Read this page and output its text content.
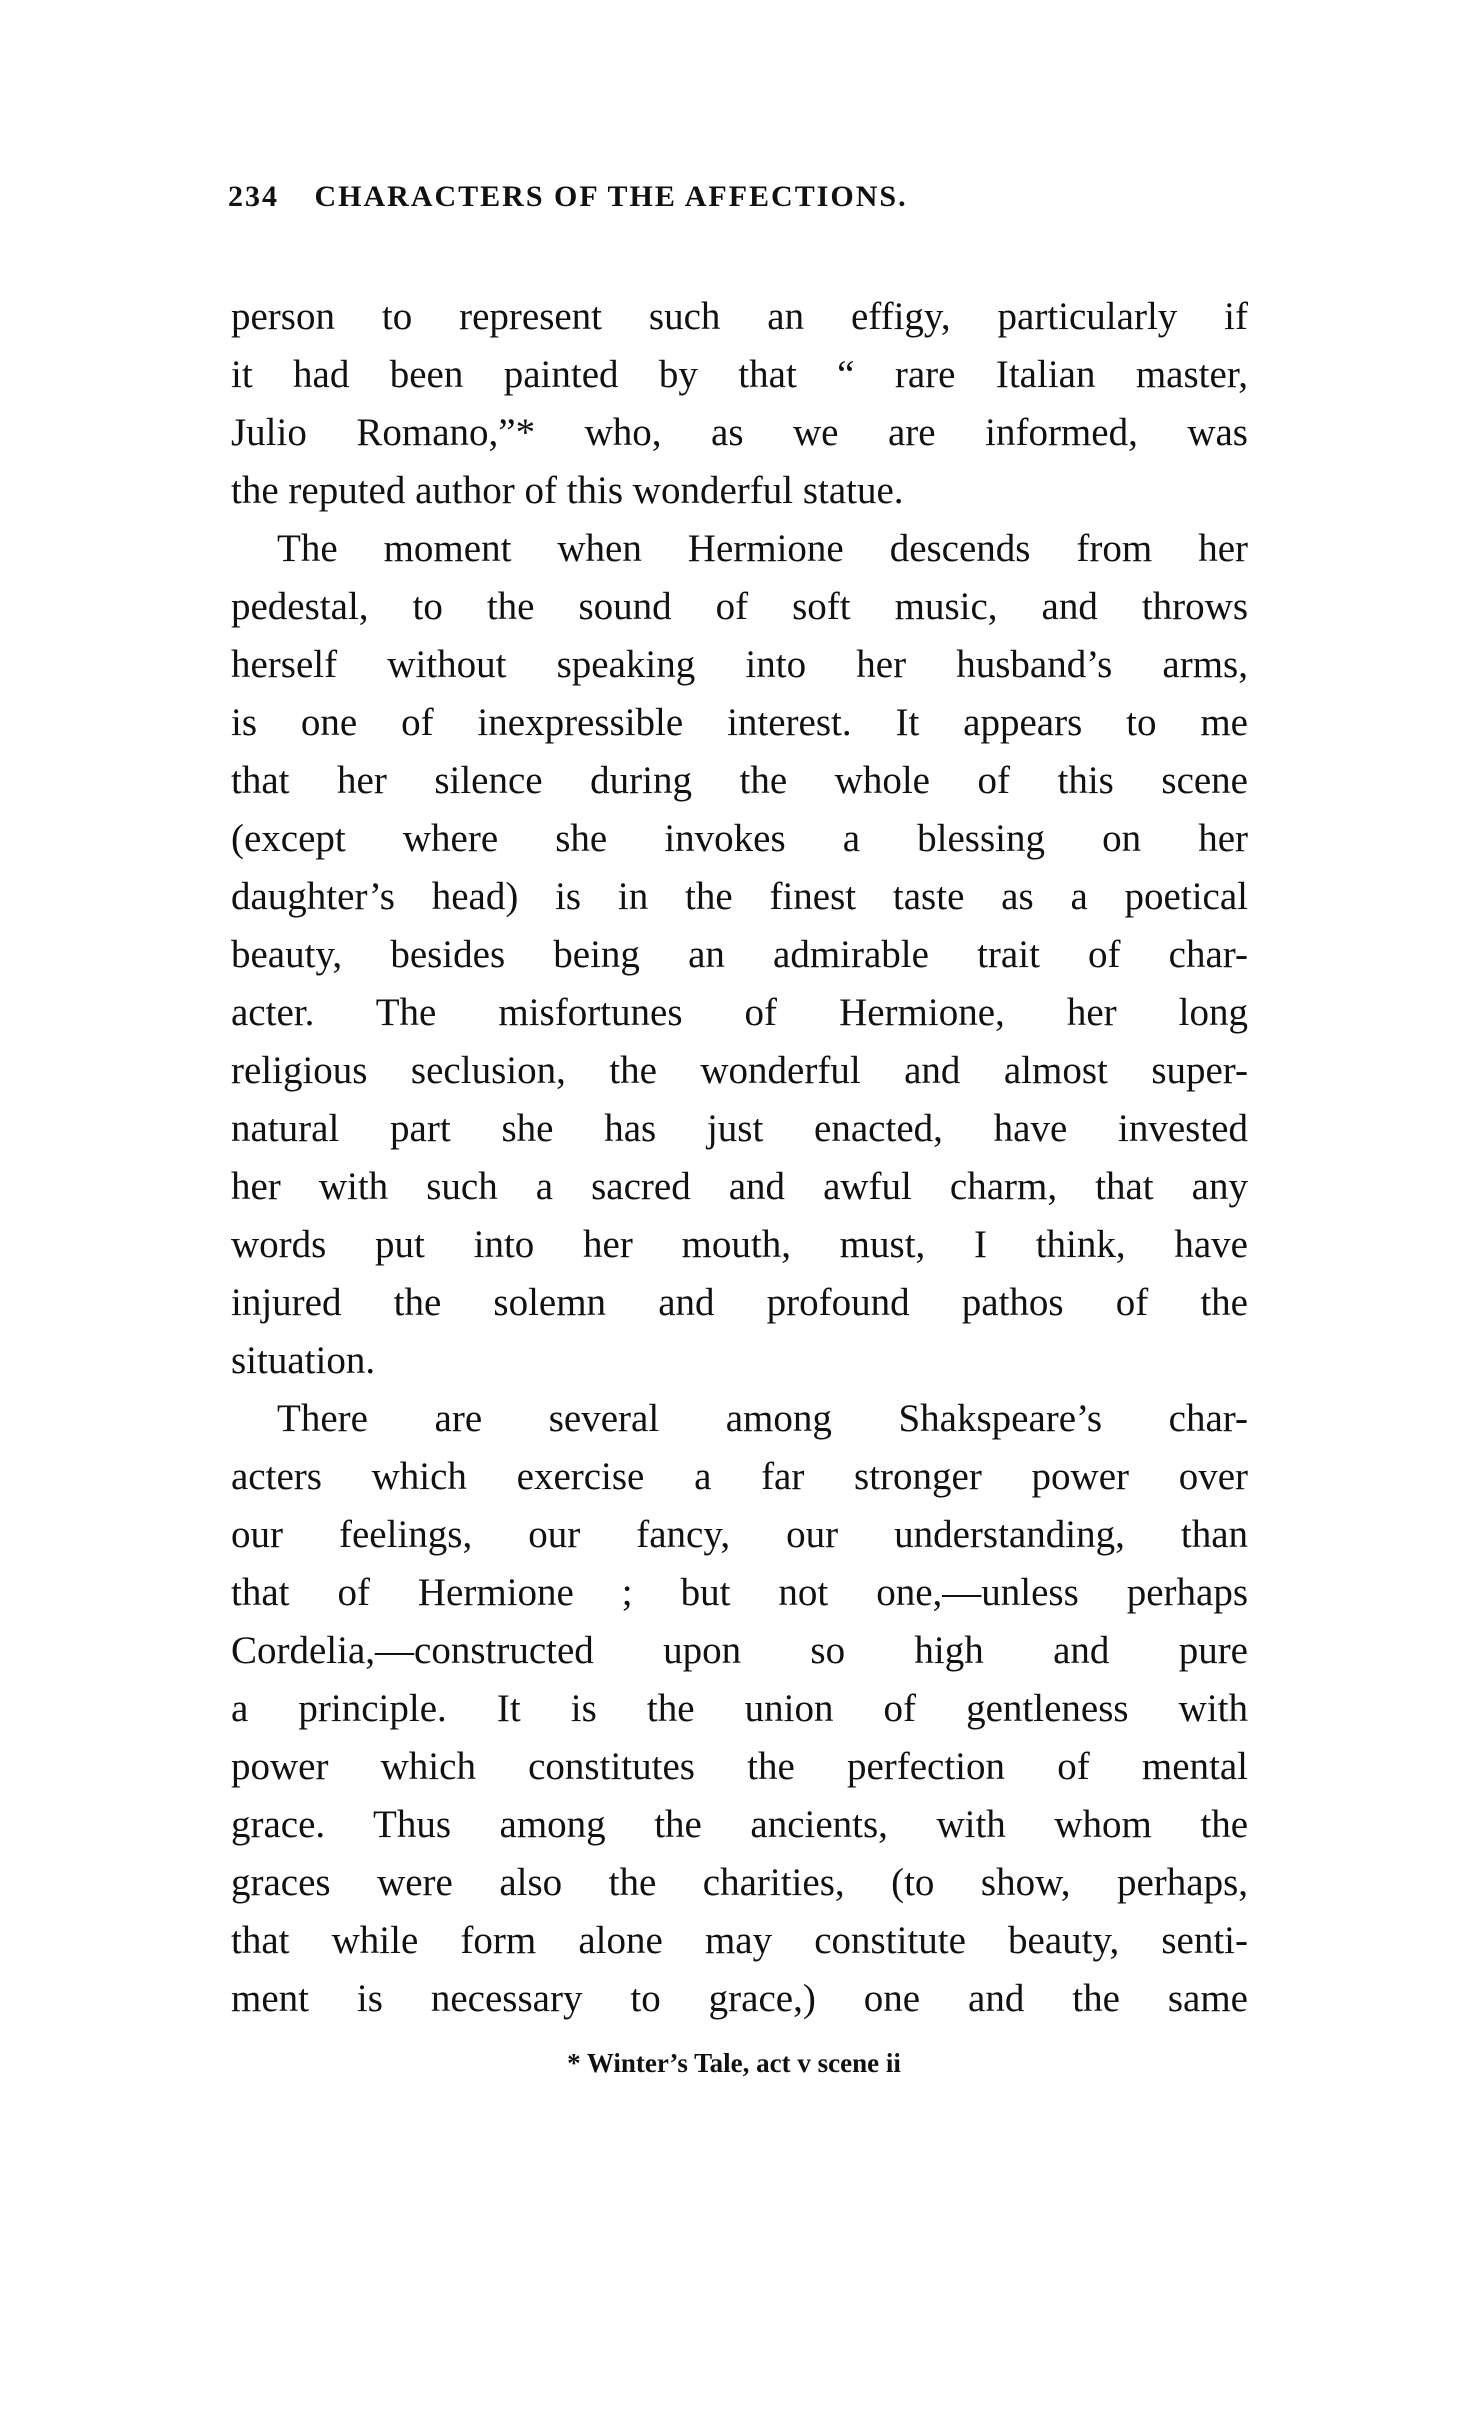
234 CHARACTERS OF THE AFFECTIONS.
person to represent such an effigy, particularly if
it had been painted by that “ rare Italian master,
Julio Romano,”* who, as we are informed, was
the reputed author of this wonderful statue.
The moment when Hermione descends from her
pedestal, to the sound of soft music, and throws
herself without speaking into her husband’s arms,
is one of inexpressible interest. It appears to me
that her silence during the whole of this scene
(except where she invokes a blessing on her
daughter’s head) is in the finest taste as a poetical
beauty, besides being an admirable trait of char-
acter. The misfortunes of Hermione, her long
religious seclusion, the wonderful and almost super-
natural part she has just enacted, have invested
her with such a sacred and awful charm, that any
words put into her mouth, must, I think, have
injured the solemn and profound pathos of the
situation.
There are several among Shakspeare’s char-
acters which exercise a far stronger power over
our feelings, our fancy, our understanding, than
that of Hermione ; but not one,—unless perhaps
Cordelia,—constructed upon so high and pure
a principle. It is the union of gentleness with
power which constitutes the perfection of mental
grace. Thus among the ancients, with whom the
graces were also the charities, (to show, perhaps,
that while form alone may constitute beauty, senti-
ment is necessary to grace,) one and the same
* Winter’s Tale, act v scene ii
